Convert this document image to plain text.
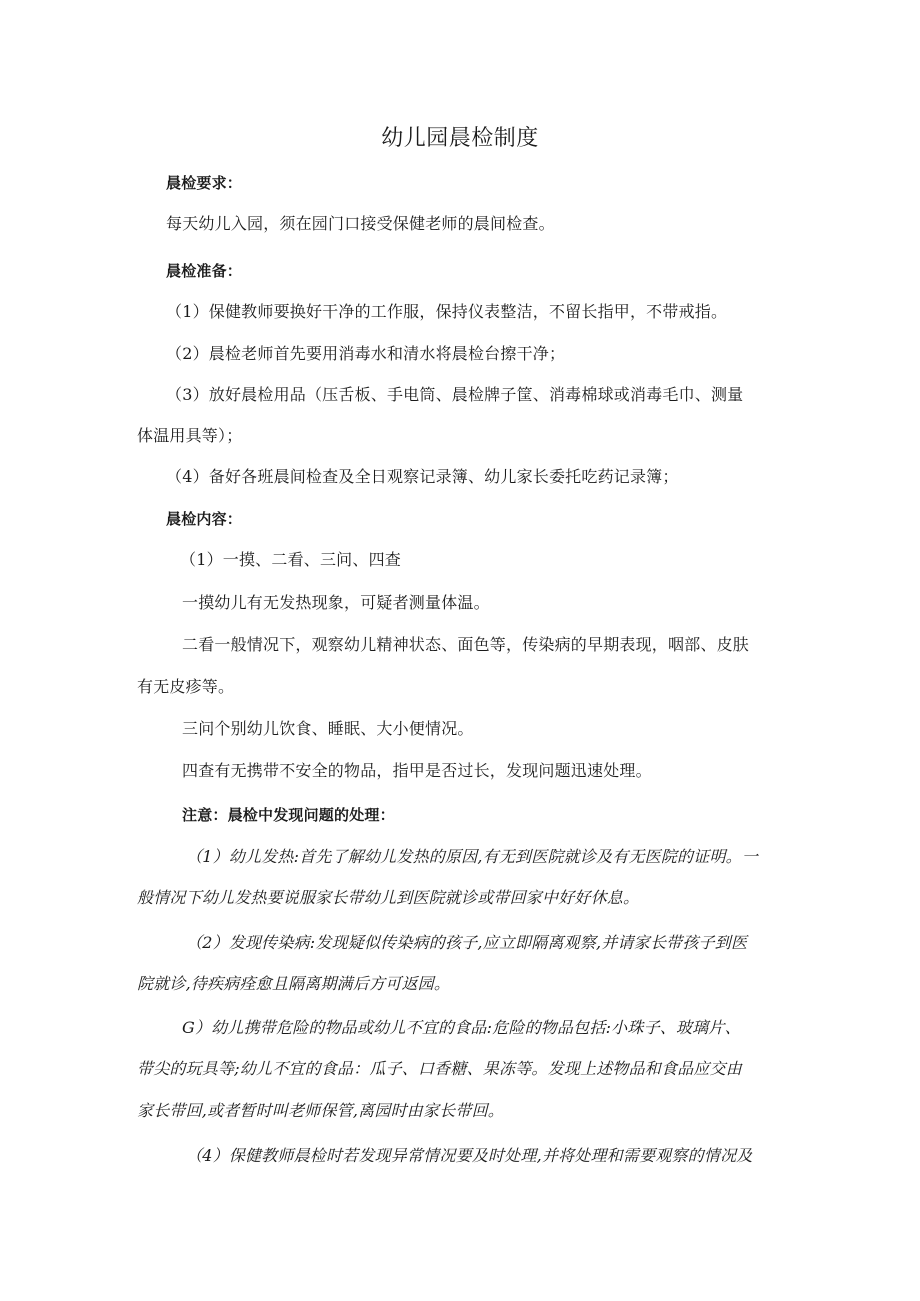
幼儿园晨检制度
晨检要求：
每天幼儿入园，须在园门口接受保健老师的晨间检查。
晨检准备：
（1）保健教师要换好干净的工作服，保持仪表整洁，不留长指甲，不带戒指。
（2）晨检老师首先要用消毒水和清水将晨检台擦干净；
（3）放好晨检用品（压舌板、手电筒、晨检牌子筐、消毒棉球或消毒毛巾、测量
体温用具等）；
（4）备好各班晨间检查及全日观察记录簿、幼儿家长委托吃药记录簿；
晨检内容：
（1）一摸、二看、三问、四查
一摸幼儿有无发热现象，可疑者测量体温。
二看一般情况下，观察幼儿精神状态、面色等，传染病的早期表现，咽部、皮肤
有无皮疹等。
三问个别幼儿饮食、睡眠、大小便情况。
四查有无携带不安全的物品，指甲是否过长，发现问题迅速处理。
注意：晨检中发现问题的处理：
（1）幼儿发热:首先了解幼儿发热的原因,有无到医院就诊及有无医院的证明。一
般情况下幼儿发热要说服家长带幼儿到医院就诊或带回家中好好休息。
（2）发现传染病:发现疑似传染病的孩子,应立即隔离观察,并请家长带孩子到医
院就诊,待疾病痊愈且隔离期满后方可返园。
G）幼儿携带危险的物品或幼儿不宜的食品:危险的物品包括:小珠子、玻璃片、
带尖的玩具等;幼儿不宜的食品：瓜子、口香糖、果冻等。发现上述物品和食品应交由
家长带回,或者暂时叫老师保管,离园时由家长带回。
（4）保健教师晨检时若发现异常情况要及时处理,并将处理和需要观察的情况及
